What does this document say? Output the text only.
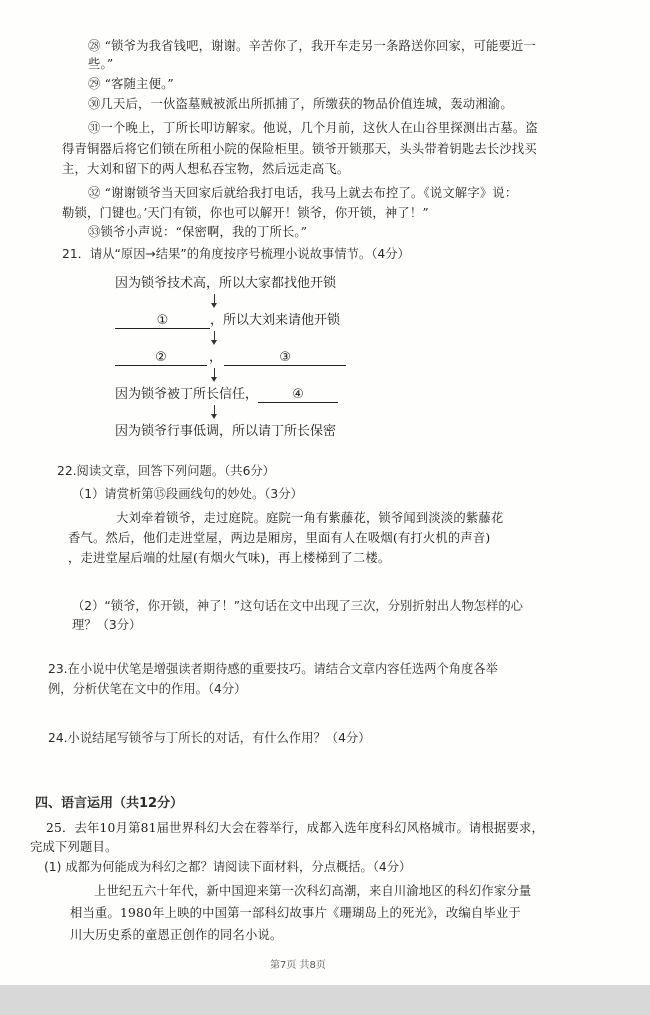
㉘ “锁爷为我省钱吧，谢谢。辛苦你了，我开车走另一条路送你回家，可能要近一
些。”
㉙ “客随主便。”
㉚几天后，一伙盗墓贼被派出所抓捕了，所缴获的物品价值连城，轰动湘渝。
㉛一个晚上，丁所长叩访解家。他说，几个月前，这伙人在山谷里探测出古墓。盗
得青铜器后将它们锁在所租小院的保险柜里。锁爷开锁那天，头头带着钥匙去长沙找买
主，大刘和留下的两人想私吞宝物，然后远走高飞。
㉜ “谢谢锁爷当天回家后就给我打电话，我马上就去布控了。《说文解字》说：
勒锁，门键也。’天门有锁，你也可以解开！锁爷，你开锁，神了！”
㉝锁爷小声说：“保密啊，我的丁所长。”
21．请从“原因→结果”的角度按序号梳理小说故事情节。（4分）
因为锁爷技术高，所以大家都找他开锁
①	，所以大刘来请他开锁
②	，	③
因为锁爷被丁所长信任，	④
因为锁爷行事低调，所以请丁所长保密
22.阅读文章，回答下列问题。（共6分）
（1）请赏析第⑮段画线句的妙处。（3分）
大刘牵着锁爷，走过庭院。庭院一角有紫藤花，锁爷闻到淡淡的紫藤花
香气。然后，他们走进堂屋，两边是厢房，里面有人在吸烟(有打火机的声音)
，走进堂屋后端的灶屋(有烟火气味)，再上楼梯到了二楼。
（2）“锁爷，你开锁，神了！”这句话在文中出现了三次，分别折射出人物怎样的心
理？（3分）
23.在小说中伏笔是增强读者期待感的重要技巧。请结合文章内容任选两个角度各举
例，分析伏笔在文中的作用。（4分）
24.小说结尾写锁爷与丁所长的对话，有什么作用？（4分）
四、语言运用（共12分）
25．去年10月第81届世界科幻大会在蓉举行，成都入选年度科幻风格城市。请根据要求，
完成下列题目。
(1) 成都为何能成为科幻之都？请阅读下面材料，分点概括。（4分）
上世纪五六十年代，新中国迎来第一次科幻高潮，来自川渝地区的科幻作家分量
相当重。1980年上映的中国第一部科幻故事片《珊瑚岛上的死光》，改编自毕业于
川大历史系的童恩正创作的同名小说。
第7页 共8页
